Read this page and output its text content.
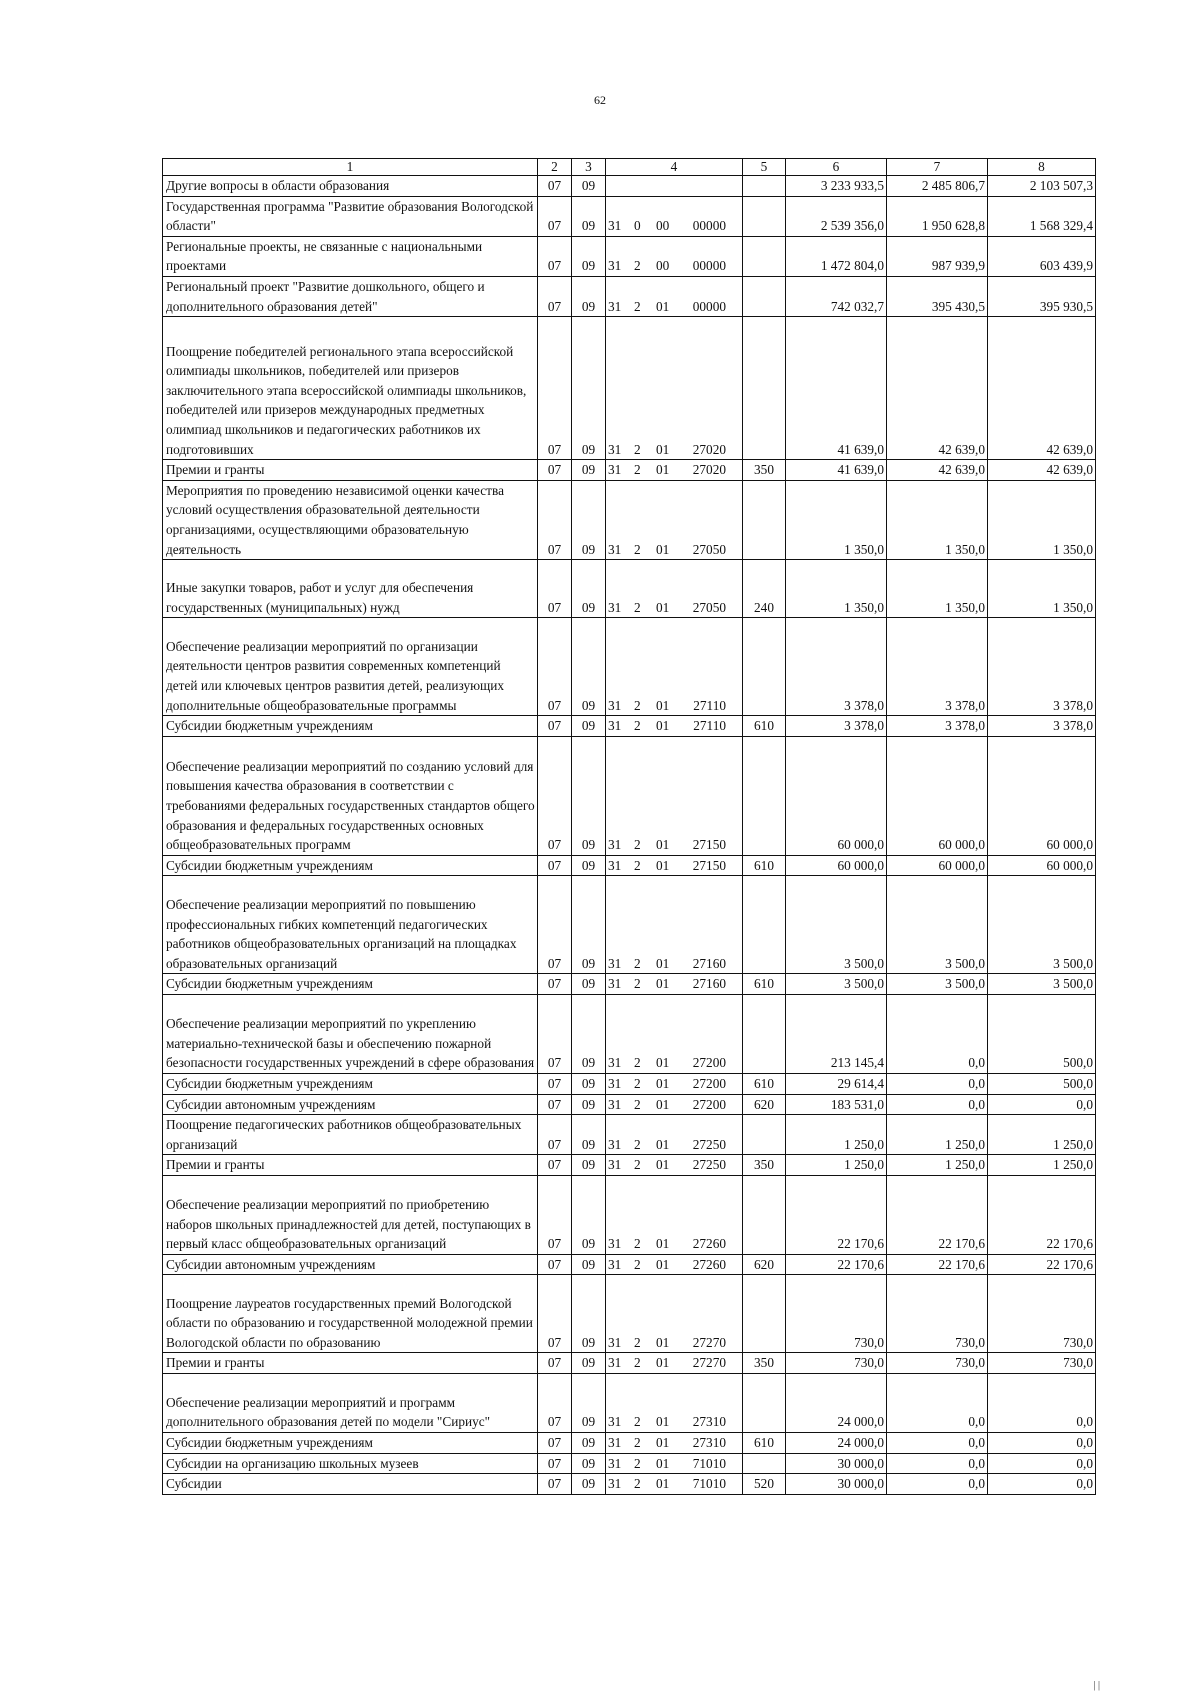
62
1	2	3	4	5	6	7	8
Другие вопросы в области образования	07	09			3 233 933,5	2 485 806,7	2 103 507,3
Государственная программа "Развитие образования Вологодской области"	07	09	31 0 00 00000		2 539 356,0	1 950 628,8	1 568 329,4
Региональные проекты, не связанные с национальными проектами	07	09	31 2 00 00000		1 472 804,0	987 939,9	603 439,9
Региональный проект "Развитие дошкольного, общего и дополнительного образования детей"	07	09	31 2 01 00000		742 032,7	395 430,5	395 930,5
Поощрение победителей регионального этапа всероссийской олимпиады школьников, победителей или призеров заключительного этапа всероссийской олимпиады школьников, победителей или призеров международных предметных олимпиад школьников и педагогических работников их подготовивших	07	09	31 2 01 27020		41 639,0	42 639,0	42 639,0
Премии и гранты	07	09	31 2 01 27020	350	41 639,0	42 639,0	42 639,0
Мероприятия по проведению независимой оценки качества условий осуществления образовательной деятельности организациями, осуществляющими образовательную деятельность	07	09	31 2 01 27050		1 350,0	1 350,0	1 350,0
Иные закупки товаров, работ и услуг для обеспечения государственных (муниципальных) нужд	07	09	31 2 01 27050	240	1 350,0	1 350,0	1 350,0
Обеспечение реализации мероприятий по организации деятельности центров развития современных компетенций детей или ключевых центров развития детей, реализующих дополнительные общеобразовательные программы	07	09	31 2 01 27110		3 378,0	3 378,0	3 378,0
Субсидии бюджетным учреждениям	07	09	31 2 01 27110	610	3 378,0	3 378,0	3 378,0
Обеспечение реализации мероприятий по созданию условий для повышения качества образования в соответствии с требованиями федеральных государственных стандартов общего образования и федеральных государственных основных общеобразовательных программ	07	09	31 2 01 27150		60 000,0	60 000,0	60 000,0
Субсидии бюджетным учреждениям	07	09	31 2 01 27150	610	60 000,0	60 000,0	60 000,0
Обеспечение реализации мероприятий по повышению профессиональных гибких компетенций педагогических работников общеобразовательных организаций на площадках образовательных организаций	07	09	31 2 01 27160		3 500,0	3 500,0	3 500,0
Субсидии бюджетным учреждениям	07	09	31 2 01 27160	610	3 500,0	3 500,0	3 500,0
Обеспечение реализации мероприятий по укреплению материально-технической базы и обеспечению пожарной безопасности государственных учреждений в сфере образования	07	09	31 2 01 27200		213 145,4	0,0	500,0
Субсидии бюджетным учреждениям	07	09	31 2 01 27200	610	29 614,4	0,0	500,0
Субсидии автономным учреждениям	07	09	31 2 01 27200	620	183 531,0	0,0	0,0
Поощрение педагогических работников общеобразовательных организаций	07	09	31 2 01 27250		1 250,0	1 250,0	1 250,0
Премии и гранты	07	09	31 2 01 27250	350	1 250,0	1 250,0	1 250,0
Обеспечение реализации мероприятий по приобретению наборов школьных принадлежностей для детей, поступающих в первый класс общеобразовательных организаций	07	09	31 2 01 27260		22 170,6	22 170,6	22 170,6
Субсидии автономным учреждениям	07	09	31 2 01 27260	620	22 170,6	22 170,6	22 170,6
Поощрение лауреатов государственных премий Вологодской области по образованию и государственной молодежной премии Вологодской области по образованию	07	09	31 2 01 27270		730,0	730,0	730,0
Премии и гранты	07	09	31 2 01 27270	350	730,0	730,0	730,0
Обеспечение реализации мероприятий и программ дополнительного образования детей по модели "Сириус"	07	09	31 2 01 27310		24 000,0	0,0	0,0
Субсидии бюджетным учреждениям	07	09	31 2 01 27310	610	24 000,0	0,0	0,0
Субсидии на организацию школьных музеев	07	09	31 2 01 71010		30 000,0	0,0	0,0
Субсидии	07	09	31 2 01 71010	520	30 000,0	0,0	0,0
| |
